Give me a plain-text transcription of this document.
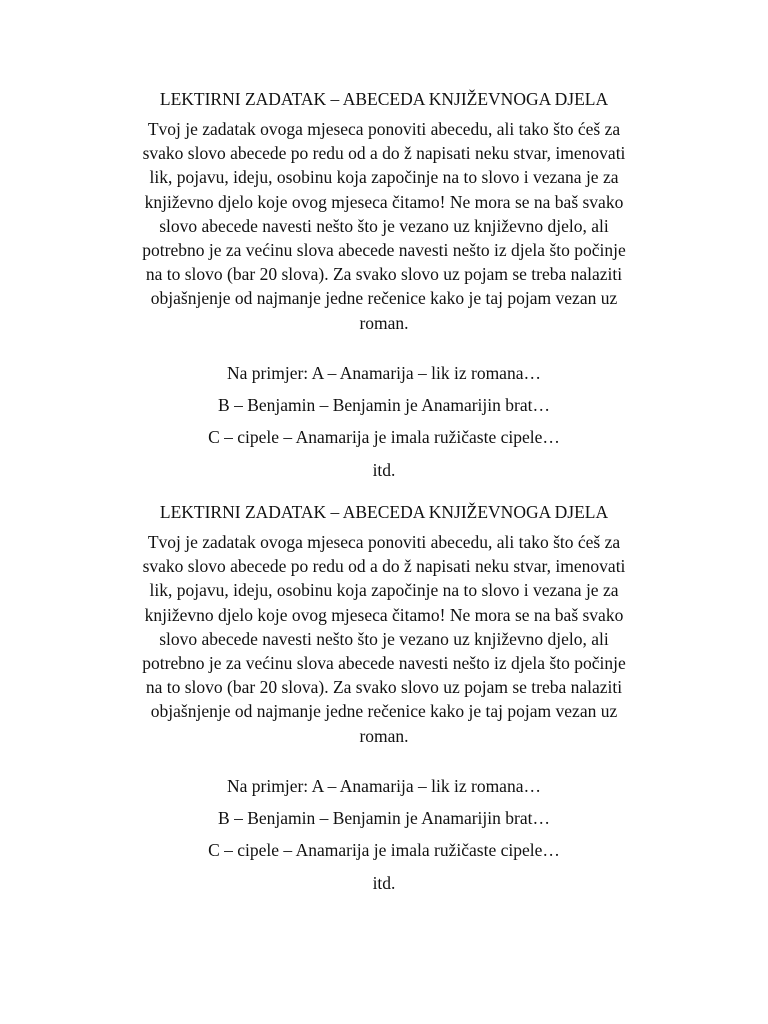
LEKTIRNI ZADATAK – ABECEDA KNJIŽEVNOGA DJELA

Tvoj je zadatak ovoga mjeseca ponoviti abecedu, ali tako što ćeš za
svako slovo abecede po redu od a do ž napisati neku stvar, imenovati
lik, pojavu, ideju, osobinu koja započinje na to slovo i vezana je za
književno djelo koje ovog mjeseca čitamo! Ne mora se na baš svako
slovo abecede navesti nešto što je vezano uz književno djelo, ali
potrebno je za većinu slova abecede navesti nešto iz djela što počinje
na to slovo (bar 20 slova). Za svako slovo uz pojam se treba nalaziti
objašnjenje od najmanje jedne rečenice kako je taj pojam vezan uz
roman.

Na primjer: A – Anamarija – lik iz romana…

B – Benjamin – Benjamin je Anamarijin brat…

C – cipele – Anamarija je imala ružičaste cipele…

itd.

LEKTIRNI ZADATAK – ABECEDA KNJIŽEVNOGA DJELA

Tvoj je zadatak ovoga mjeseca ponoviti abecedu, ali tako što ćeš za
svako slovo abecede po redu od a do ž napisati neku stvar, imenovati
lik, pojavu, ideju, osobinu koja započinje na to slovo i vezana je za
književno djelo koje ovog mjeseca čitamo! Ne mora se na baš svako
slovo abecede navesti nešto što je vezano uz književno djelo, ali
potrebno je za većinu slova abecede navesti nešto iz djela što počinje
na to slovo (bar 20 slova). Za svako slovo uz pojam se treba nalaziti
objašnjenje od najmanje jedne rečenice kako je taj pojam vezan uz
roman.

Na primjer: A – Anamarija – lik iz romana…

B – Benjamin – Benjamin je Anamarijin brat…

C – cipele – Anamarija je imala ružičaste cipele…

itd.
